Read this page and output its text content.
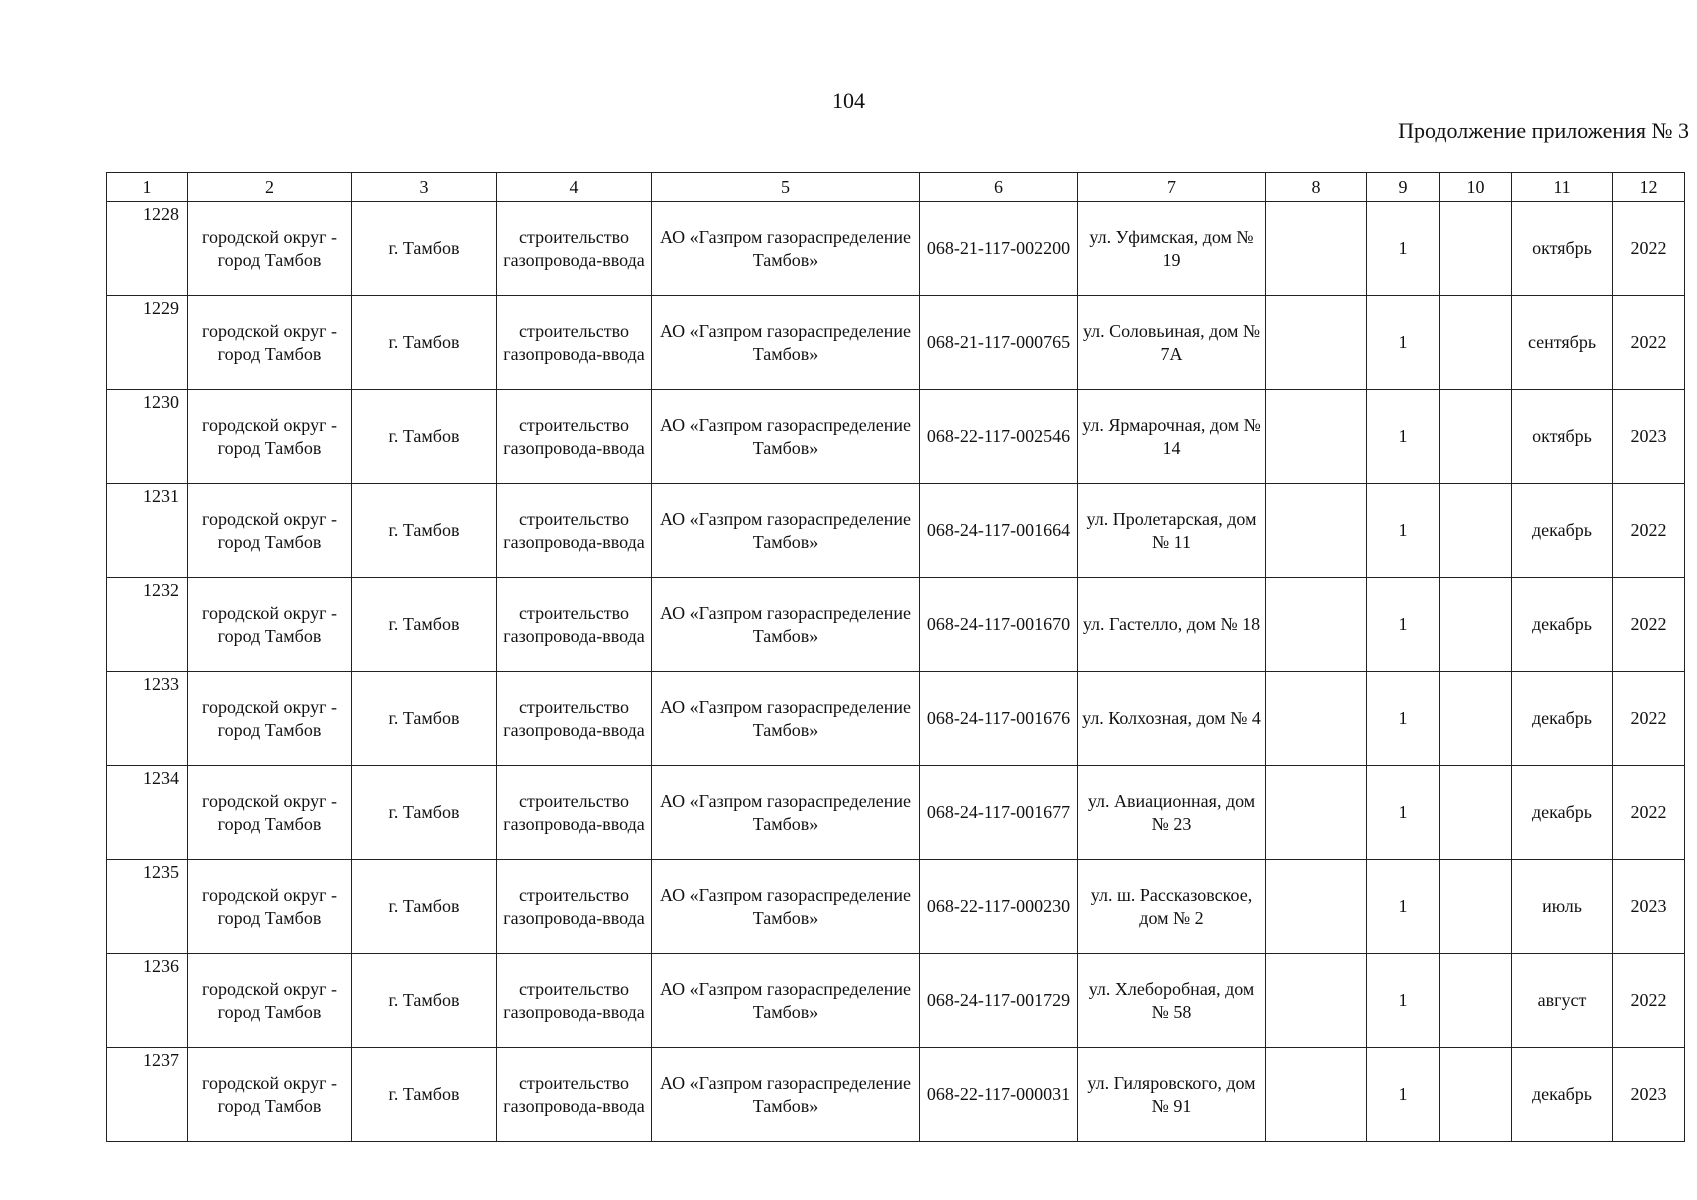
104
Продолжение приложения № 3
1	2	3	4	5	6	7	8	9	10	11	12
1228	городской округ - город Тамбов	г. Тамбов	строительство газопровода-ввода	АО «Газпром газораспределение Тамбов»	068-21-117-002200	ул. Уфимская, дом № 19		1		октябрь	2022
1229	городской округ - город Тамбов	г. Тамбов	строительство газопровода-ввода	АО «Газпром газораспределение Тамбов»	068-21-117-000765	ул. Соловьиная, дом № 7А		1		сентябрь	2022
1230	городской округ - город Тамбов	г. Тамбов	строительство газопровода-ввода	АО «Газпром газораспределение Тамбов»	068-22-117-002546	ул. Ярмарочная, дом № 14		1		октябрь	2023
1231	городской округ - город Тамбов	г. Тамбов	строительство газопровода-ввода	АО «Газпром газораспределение Тамбов»	068-24-117-001664	ул. Пролетарская, дом № 11		1		декабрь	2022
1232	городской округ - город Тамбов	г. Тамбов	строительство газопровода-ввода	АО «Газпром газораспределение Тамбов»	068-24-117-001670	ул. Гастелло, дом № 18		1		декабрь	2022
1233	городской округ - город Тамбов	г. Тамбов	строительство газопровода-ввода	АО «Газпром газораспределение Тамбов»	068-24-117-001676	ул. Колхозная, дом № 4		1		декабрь	2022
1234	городской округ - город Тамбов	г. Тамбов	строительство газопровода-ввода	АО «Газпром газораспределение Тамбов»	068-24-117-001677	ул. Авиационная, дом № 23		1		декабрь	2022
1235	городской округ - город Тамбов	г. Тамбов	строительство газопровода-ввода	АО «Газпром газораспределение Тамбов»	068-22-117-000230	ул. ш. Рассказовское, дом № 2		1		июль	2023
1236	городской округ - город Тамбов	г. Тамбов	строительство газопровода-ввода	АО «Газпром газораспределение Тамбов»	068-24-117-001729	ул. Хлеборобная, дом № 58		1		август	2022
1237	городской округ - город Тамбов	г. Тамбов	строительство газопровода-ввода	АО «Газпром газораспределение Тамбов»	068-22-117-000031	ул. Гиляровского, дом № 91		1		декабрь	2023
